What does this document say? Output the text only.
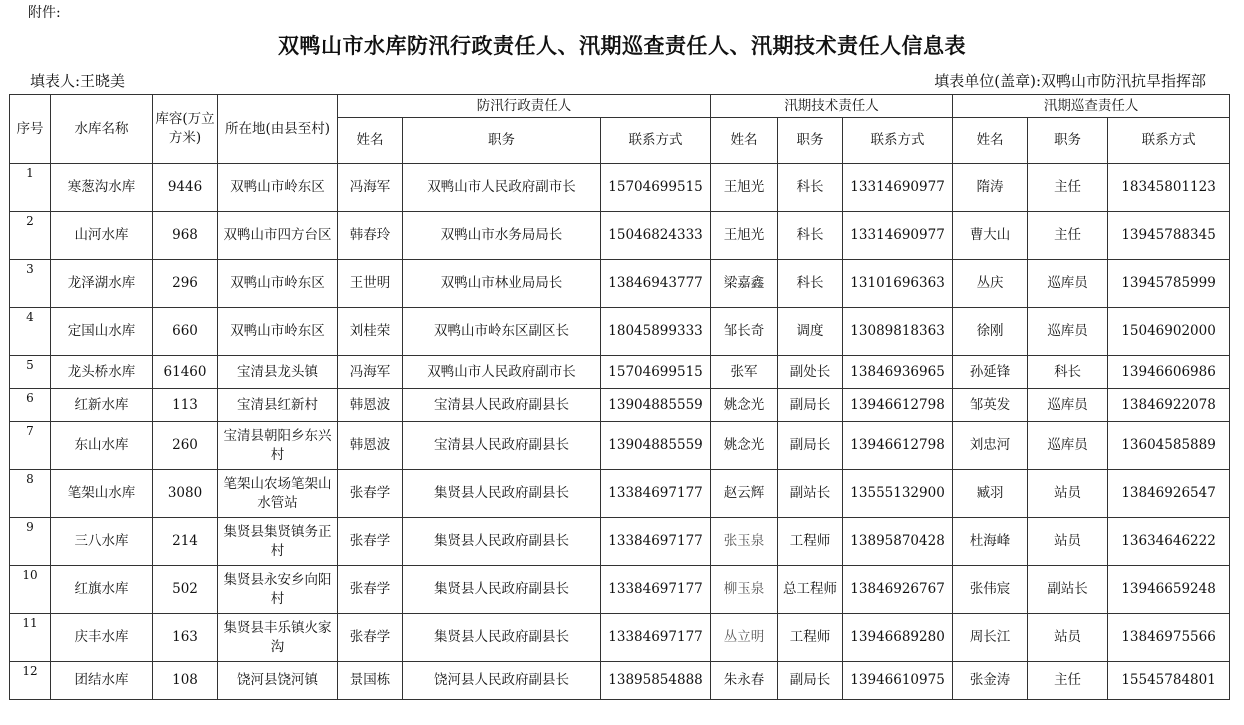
附件:
双鸭山市水库防汛行政责任人、汛期巡查责任人、汛期技术责任人信息表
填表人:王晓美	填表单位(盖章):双鸭山市防汛抗旱指挥部
序号	水库名称	库容(万立方米)	所在地(由县至村)	防汛行政责任人			汛期技术责任人			汛期巡查责任人		
				姓名	职务	联系方式	姓名	职务	联系方式	姓名	职务	联系方式
1	寒葱沟水库	9446	双鸭山市岭东区	冯海军	双鸭山市人民政府副市长	15704699515	王旭光	科长	13314690977	隋涛	主任	18345801123
2	山河水库	968	双鸭山市四方台区	韩春玲	双鸭山市水务局局长	15046824333	王旭光	科长	13314690977	曹大山	主任	13945788345
3	龙泽湖水库	296	双鸭山市岭东区	王世明	双鸭山市林业局局长	13846943777	梁嘉鑫	科长	13101696363	丛庆	巡库员	13945785999
4	定国山水库	660	双鸭山市岭东区	刘桂荣	双鸭山市岭东区副区长	18045899333	邹长奇	调度	13089818363	徐刚	巡库员	15046902000
5	龙头桥水库	61460	宝清县龙头镇	冯海军	双鸭山市人民政府副市长	15704699515	张军	副处长	13846936965	孙延锋	科长	13946606986
6	红新水库	113	宝清县红新村	韩恩波	宝清县人民政府副县长	13904885559	姚念光	副局长	13946612798	邹英发	巡库员	13846922078
7	东山水库	260	宝清县朝阳乡东兴村	韩恩波	宝清县人民政府副县长	13904885559	姚念光	副局长	13946612798	刘忠河	巡库员	13604585889
8	笔架山水库	3080	笔架山农场笔架山水管站	张春学	集贤县人民政府副县长	13384697177	赵云辉	副站长	13555132900	臧羽	站员	13846926547
9	三八水库	214	集贤县集贤镇务正村	张春学	集贤县人民政府副县长	13384697177	张玉泉	工程师	13895870428	杜海峰	站员	13634646222
10	红旗水库	502	集贤县永安乡向阳村	张春学	集贤县人民政府副县长	13384697177	柳玉泉	总工程师	13846926767	张伟宸	副站长	13946659248
11	庆丰水库	163	集贤县丰乐镇火家沟	张春学	集贤县人民政府副县长	13384697177	丛立明	工程师	13946689280	周长江	站员	13846975566
12	团结水库	108	饶河县饶河镇	景国栋	饶河县人民政府副县长	13895854888	朱永春	副局长	13946610975	张金涛	主任	15545784801
